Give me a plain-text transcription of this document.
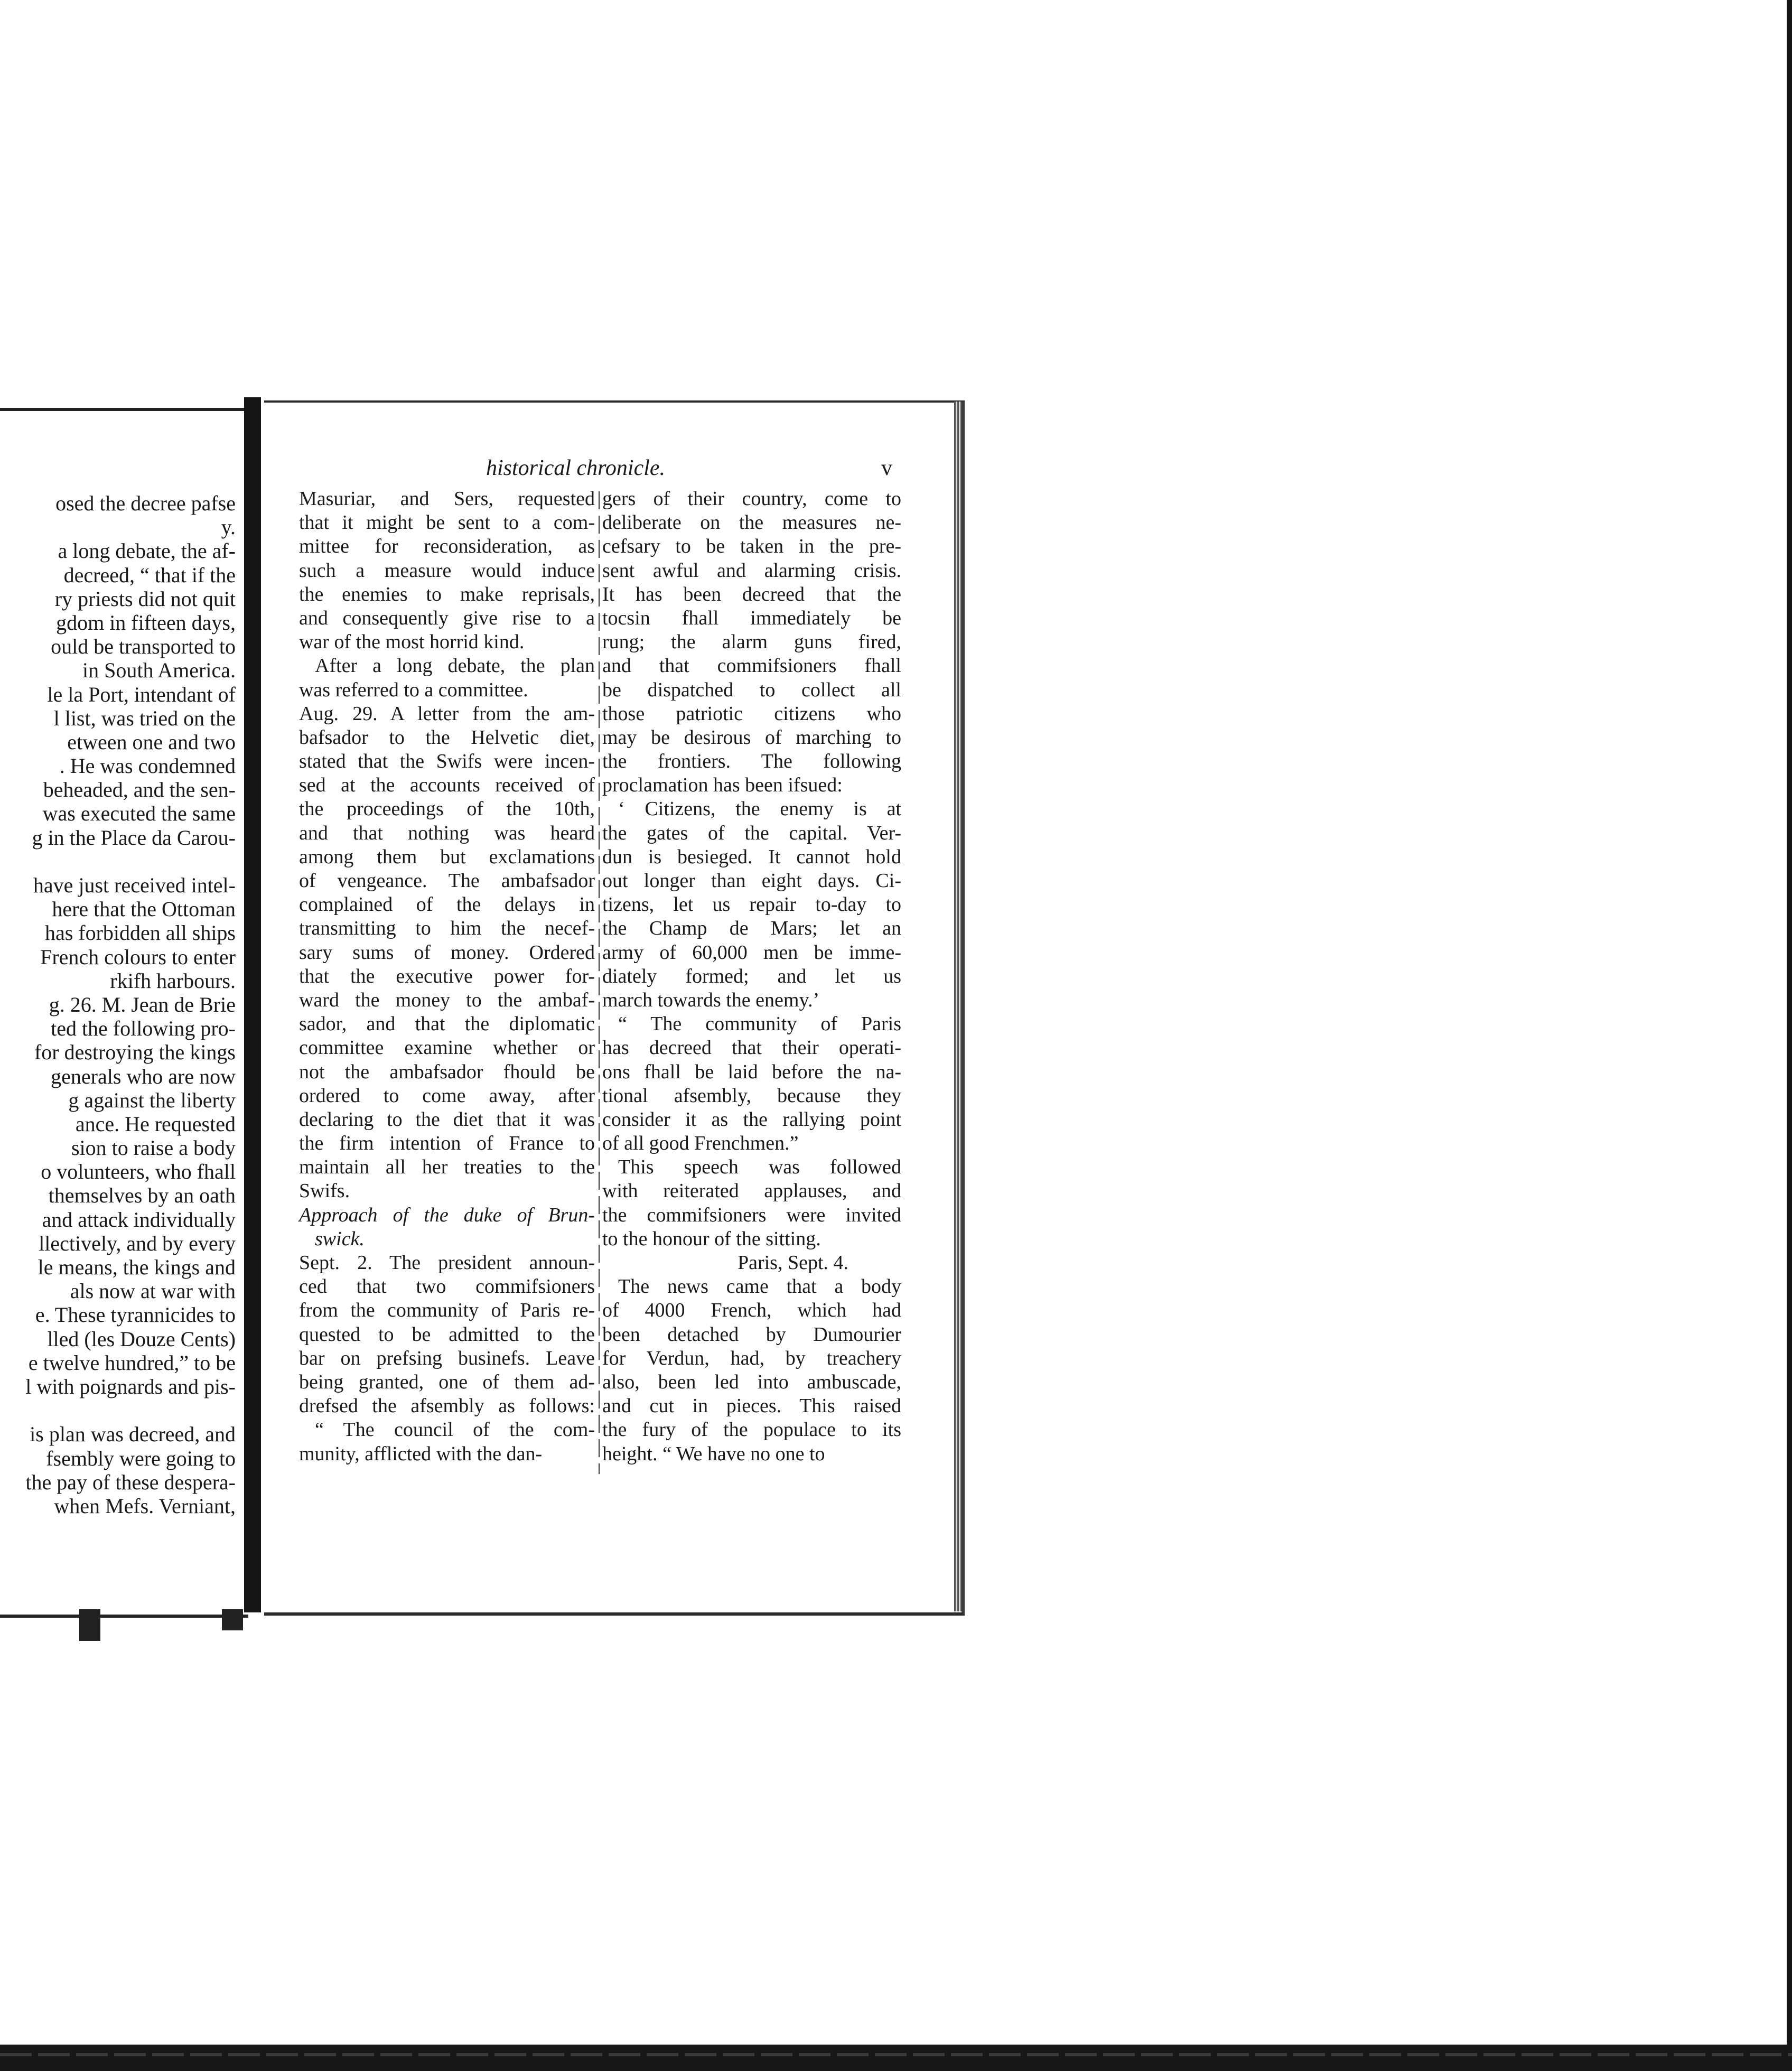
osed the decree pafse
y.
a long debate, the af-
decreed, “ that if the
ry priests did not quit
gdom in fifteen days,
ould be transported to
in South America.
le la Port, intendant of
l list, was tried on the
etween one and two
. He was condemned
beheaded, and the sen-
was executed the same
g in the Place da Carou-
have just received intel-
here that the Ottoman
has forbidden all ships
French colours to enter
rkifh harbours.
g. 26. M. Jean de Brie
ted the following pro-
for destroying the kings
generals who are now
g against the liberty
ance. He requested
sion to raise a body
o volunteers, who fhall
themselves by an oath
and attack individually
llectively, and by every
le means, the kings and
als now at war with
e. These tyrannicides to
lled (les Douze Cents)
e twelve hundred,” to be
l with poignards and pis-
is plan was decreed, and
fsembly were going to
the pay of these despera-
when Mefs. Verniant,
historical chronicle.	v
Masuriar, and Sers, requested
that it might be sent to a com-
mittee for reconsideration, as
such a measure would induce
the enemies to make reprisals,
and consequently give rise to a
war of the most horrid kind.
After a long debate, the plan
was referred to a committee.
Aug. 29. A letter from the am-
bafsador to the Helvetic diet,
stated that the Swifs were incen-
sed at the accounts received of
the proceedings of the 10th,
and that nothing was heard
among them but exclamations
of vengeance. The ambafsador
complained of the delays in
transmitting to him the necef-
sary sums of money. Ordered
that the executive power for-
ward the money to the ambaf-
sador, and that the diplomatic
committee examine whether or
not the ambafsador fhould be
ordered to come away, after
declaring to the diet that it was
the firm intention of France to
maintain all her treaties to the
Swifs.
Approach of the duke of Brun-
swick.
Sept. 2. The president announ-
ced that two commifsioners
from the community of Paris re-
quested to be admitted to the
bar on prefsing businefs. Leave
being granted, one of them ad-
drefsed the afsembly as follows:
“ The council of the com-
munity, afflicted with the dan-
gers of their country, come to
deliberate on the measures ne-
cefsary to be taken in the pre-
sent awful and alarming crisis.
It has been decreed that the
tocsin fhall immediately be
rung; the alarm guns fired,
and that commifsioners fhall
be dispatched to collect all
those patriotic citizens who
may be desirous of marching to
the frontiers. The following
proclamation has been ifsued:
‘ Citizens, the enemy is at
the gates of the capital. Ver-
dun is besieged. It cannot hold
out longer than eight days. Ci-
tizens, let us repair to-day to
the Champ de Mars; let an
army of 60,000 men be imme-
diately formed; and let us
march towards the enemy.’
“ The community of Paris
has decreed that their operati-
ons fhall be laid before the na-
tional afsembly, because they
consider it as the rallying point
of all good Frenchmen.”
This speech was followed
with reiterated applauses, and
the commifsioners were invited
to the honour of the sitting.
Paris, Sept. 4.
The news came that a body
of 4000 French, which had
been detached by Dumourier
for Verdun, had, by treachery
also, been led into ambuscade,
and cut in pieces. This raised
the fury of the populace to its
height. “ We have no one to
